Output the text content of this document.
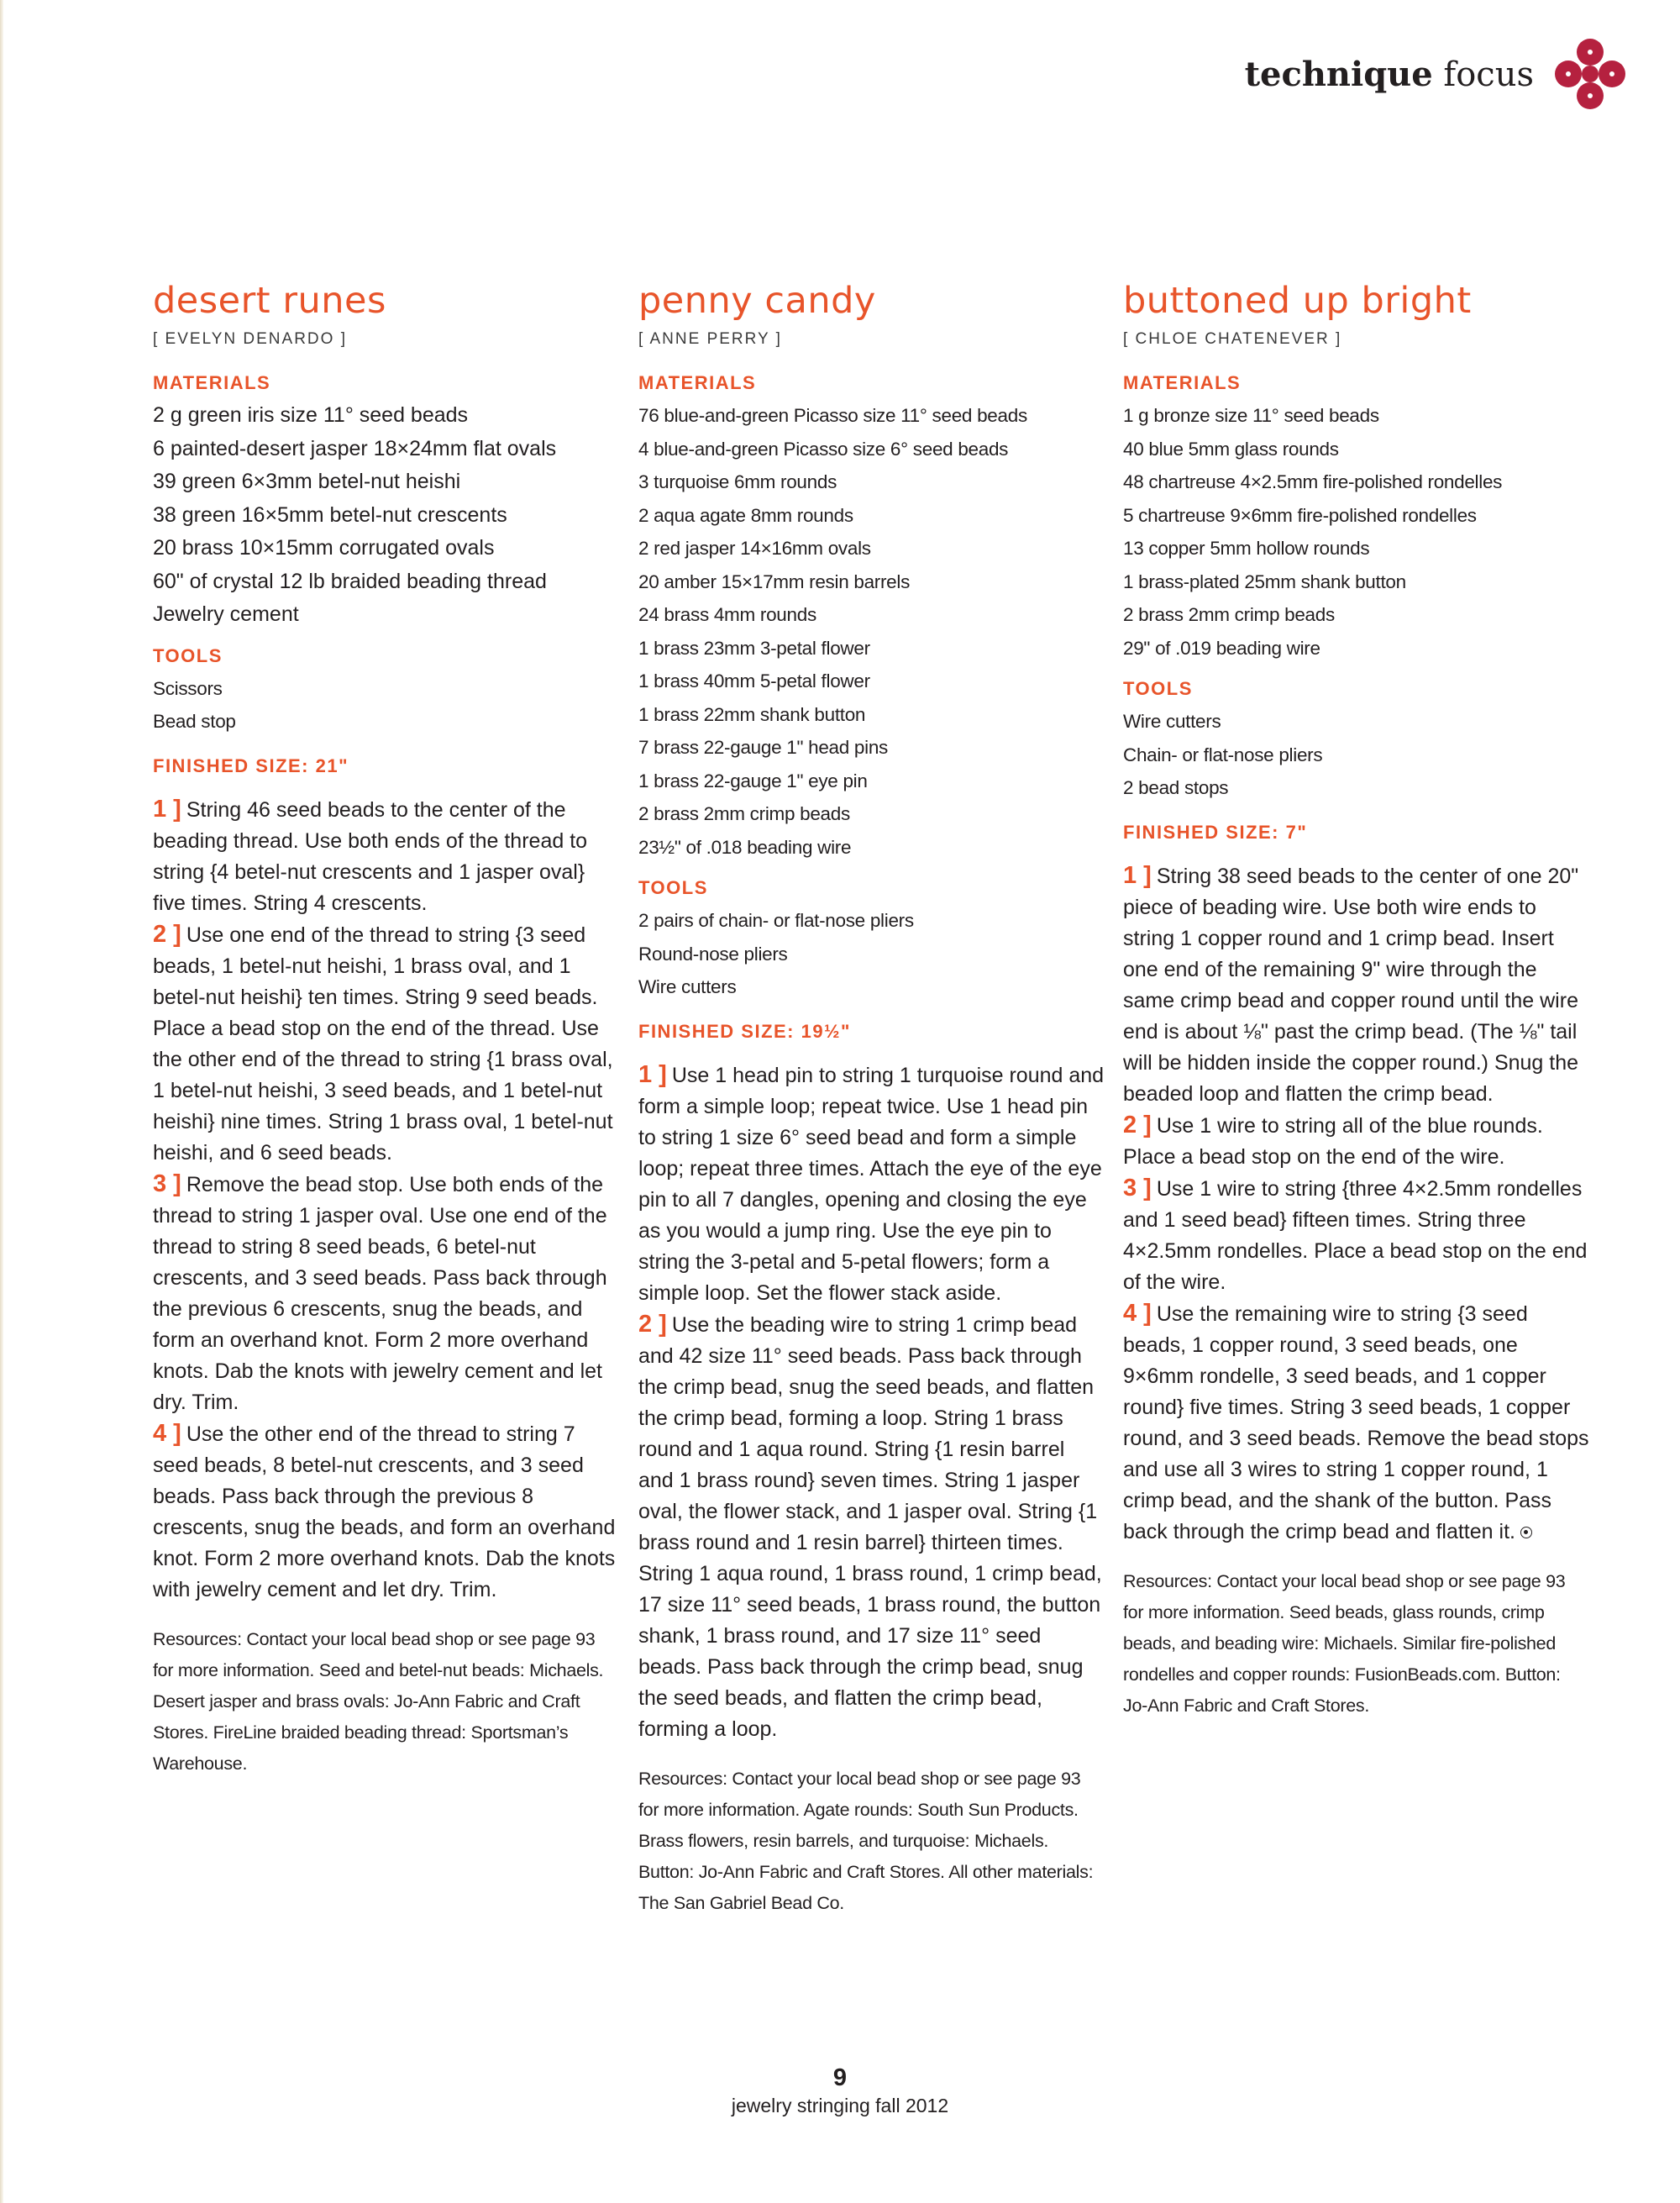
technique focus
desert runes
[ EVELYN DENARDO ]
MATERIALS
2 g green iris size 11° seed beads
6 painted-desert jasper 18×24mm flat ovals
39 green 6×3mm betel-nut heishi
38 green 16×5mm betel-nut crescents
20 brass 10×15mm corrugated ovals
60" of crystal 12 lb braided beading thread
Jewelry cement
TOOLS
Scissors
Bead stop
FINISHED SIZE: 21"
1 ] String 46 seed beads to the center of the beading thread. Use both ends of the thread to string {4 betel-nut crescents and 1 jasper oval} five times. String 4 crescents.
2 ] Use one end of the thread to string {3 seed beads, 1 betel-nut heishi, 1 brass oval, and 1 betel-nut heishi} ten times. String 9 seed beads. Place a bead stop on the end of the thread. Use the other end of the thread to string {1 brass oval, 1 betel-nut heishi, 3 seed beads, and 1 betel-nut heishi} nine times. String 1 brass oval, 1 betel-nut heishi, and 6 seed beads.
3 ] Remove the bead stop. Use both ends of the thread to string 1 jasper oval. Use one end of the thread to string 8 seed beads, 6 betel-nut crescents, and 3 seed beads. Pass back through the previous 6 crescents, snug the beads, and form an overhand knot. Form 2 more overhand knots. Dab the knots with jewelry cement and let dry. Trim.
4 ] Use the other end of the thread to string 7 seed beads, 8 betel-nut crescents, and 3 seed beads. Pass back through the previous 8 crescents, snug the beads, and form an overhand knot. Form 2 more overhand knots. Dab the knots with jewelry cement and let dry. Trim.
Resources: Contact your local bead shop or see page 93 for more information. Seed and betel-nut beads: Michaels. Desert jasper and brass ovals: Jo-Ann Fabric and Craft Stores. FireLine braided beading thread: Sportsman’s Warehouse.
penny candy
[ ANNE PERRY ]
MATERIALS
76 blue-and-green Picasso size 11° seed beads
4 blue-and-green Picasso size 6° seed beads
3 turquoise 6mm rounds
2 aqua agate 8mm rounds
2 red jasper 14×16mm ovals
20 amber 15×17mm resin barrels
24 brass 4mm rounds
1 brass 23mm 3-petal flower
1 brass 40mm 5-petal flower
1 brass 22mm shank button
7 brass 22-gauge 1" head pins
1 brass 22-gauge 1" eye pin
2 brass 2mm crimp beads
23½" of .018 beading wire
TOOLS
2 pairs of chain- or flat-nose pliers
Round-nose pliers
Wire cutters
FINISHED SIZE: 19½"
1 ] Use 1 head pin to string 1 turquoise round and form a simple loop; repeat twice. Use 1 head pin to string 1 size 6° seed bead and form a simple loop; repeat three times. Attach the eye of the eye pin to all 7 dangles, opening and closing the eye as you would a jump ring. Use the eye pin to string the 3-petal and 5-petal flowers; form a simple loop. Set the flower stack aside.
2 ] Use the beading wire to string 1 crimp bead and 42 size 11° seed beads. Pass back through the crimp bead, snug the seed beads, and flatten the crimp bead, forming a loop. String 1 brass round and 1 aqua round. String {1 resin barrel and 1 brass round} seven times. String 1 jasper oval, the flower stack, and 1 jasper oval. String {1 brass round and 1 resin barrel} thirteen times. String 1 aqua round, 1 brass round, 1 crimp bead, 17 size 11° seed beads, 1 brass round, the button shank, 1 brass round, and 17 size 11° seed beads. Pass back through the crimp bead, snug the seed beads, and flatten the crimp bead, forming a loop.
Resources: Contact your local bead shop or see page 93 for more information. Agate rounds: South Sun Products. Brass flowers, resin barrels, and turquoise: Michaels. Button: Jo-Ann Fabric and Craft Stores. All other materials: The San Gabriel Bead Co.
buttoned up bright
[ CHLOE CHATENEVER ]
MATERIALS
1 g bronze size 11° seed beads
40 blue 5mm glass rounds
48 chartreuse 4×2.5mm fire-polished rondelles
5 chartreuse 9×6mm fire-polished rondelles
13 copper 5mm hollow rounds
1 brass-plated 25mm shank button
2 brass 2mm crimp beads
29" of .019 beading wire
TOOLS
Wire cutters
Chain- or flat-nose pliers
2 bead stops
FINISHED SIZE: 7"
1 ] String 38 seed beads to the center of one 20" piece of beading wire. Use both wire ends to string 1 copper round and 1 crimp bead. Insert one end of the remaining 9" wire through the same crimp bead and copper round until the wire end is about ⅛" past the crimp bead. (The ⅛" tail will be hidden inside the copper round.) Snug the beaded loop and flatten the crimp bead.
2 ] Use 1 wire to string all of the blue rounds. Place a bead stop on the end of the wire.
3 ] Use 1 wire to string {three 4×2.5mm rondelles and 1 seed bead} fifteen times. String three 4×2.5mm rondelles. Place a bead stop on the end of the wire.
4 ] Use the remaining wire to string {3 seed beads, 1 copper round, 3 seed beads, one 9×6mm rondelle, 3 seed beads, and 1 copper round} five times. String 3 seed beads, 1 copper round, and 3 seed beads. Remove the bead stops and use all 3 wires to string 1 copper round, 1 crimp bead, and the shank of the button. Pass back through the crimp bead and flatten it.
Resources: Contact your local bead shop or see page 93 for more information. Seed beads, glass rounds, crimp beads, and beading wire: Michaels. Similar fire-polished rondelles and copper rounds: FusionBeads.com. Button: Jo-Ann Fabric and Craft Stores.
9
jewelry stringing fall 2012
